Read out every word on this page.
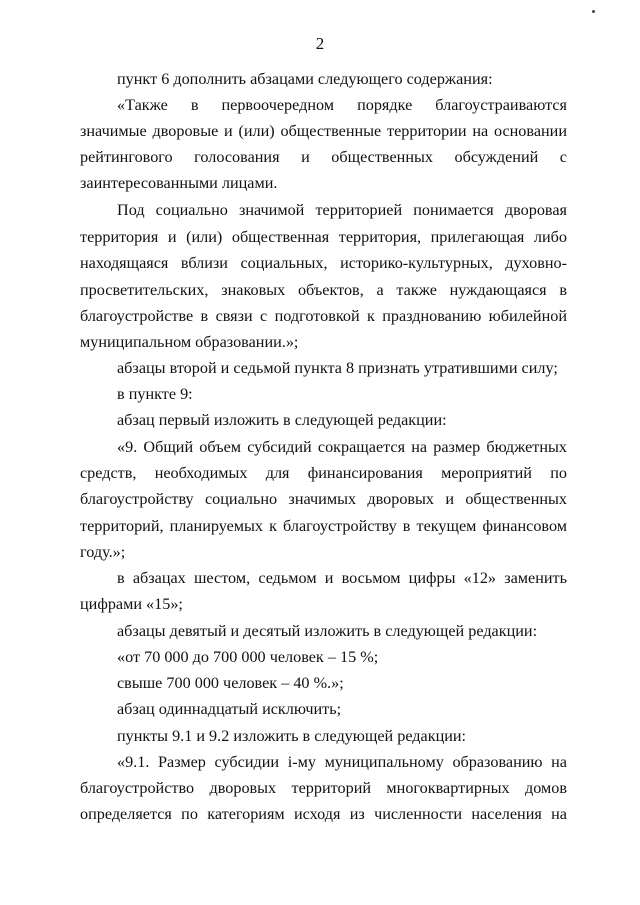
2
пункт 6 дополнить абзацами следующего содержания:
«Также в первоочередном порядке благоустраиваются
значимые дворовые и (или) общественные территории на основании
рейтингового голосования и общественных обсуждений с
заинтересованными лицами.
Под социально значимой территорией понимается дворовая
территория и (или) общественная территория, прилегающая либо
находящаяся вблизи социальных, историко-культурных, духовно-
просветительских, знаковых объектов, а также нуждающаяся в
благоустройстве в связи с подготовкой к празднованию юбилейной
муниципальном образовании.»;
абзацы второй и седьмой пункта 8 признать утратившими силу;
в пункте 9:
абзац первый изложить в следующей редакции:
«9. Общий объем субсидий сокращается на размер бюджетных
средств, необходимых для финансирования мероприятий по
благоустройству социально значимых дворовых и общественных
территорий, планируемых к благоустройству в текущем финансовом
году.»;
в абзацах шестом, седьмом и восьмом цифры «12» заменить
цифрами «15»;
абзацы девятый и десятый изложить в следующей редакции:
«от 70 000 до 700 000 человек – 15 %;
свыше 700 000 человек – 40 %.»;
абзац одиннадцатый исключить;
пункты 9.1 и 9.2 изложить в следующей редакции:
«9.1. Размер субсидии i-му муниципальному образованию на
благоустройство дворовых территорий многоквартирных домов
определяется по категориям исходя из численности населения на
